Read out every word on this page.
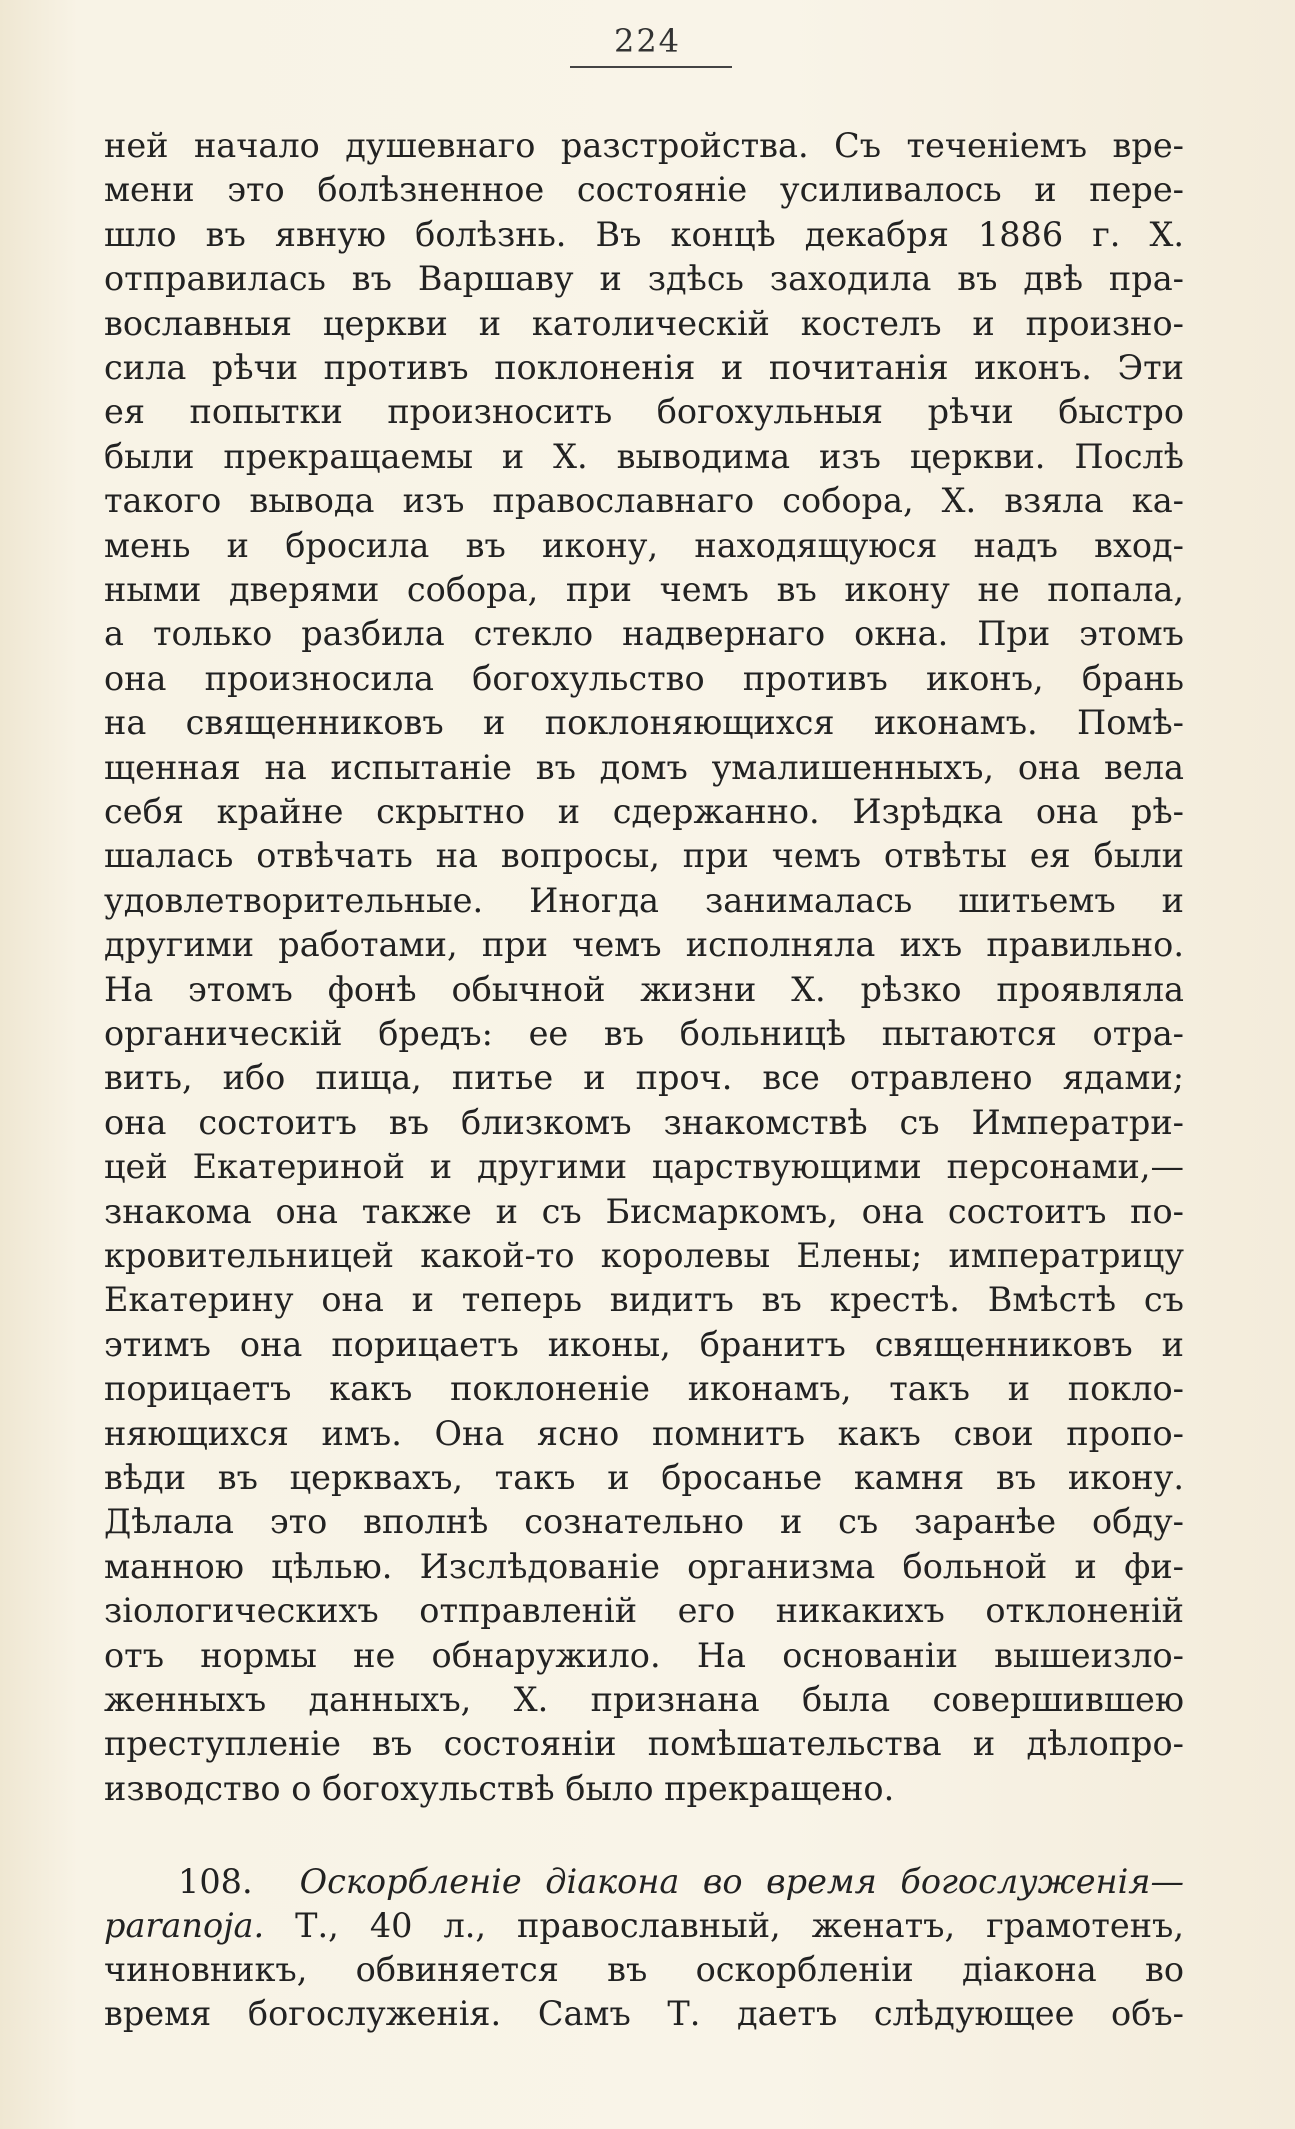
224
ней начало душевнаго разстройства. Съ теченіемъ вре-
мени это болѣзненное состояніе усиливалось и пере-
шло въ явную болѣзнь. Въ концѣ декабря 1886 г. X.
отправилась въ Варшаву и здѣсь заходила въ двѣ пра-
вославныя церкви и католическій костелъ и произно-
сила рѣчи противъ поклоненія и почитанія иконъ. Эти
ея попытки произносить богохульныя рѣчи быстро
были прекращаемы и X. выводима изъ церкви. Послѣ
такого вывода изъ православнаго собора, X. взяла ка-
мень и бросила въ икону, находящуюся надъ вход-
ными дверями собора, при чемъ въ икону не попала,
а только разбила стекло надвернаго окна. При этомъ
она произносила богохульство противъ иконъ, брань
на священниковъ и поклоняющихся иконамъ. Помѣ-
щенная на испытаніе въ домъ умалишенныхъ, она вела
себя крайне скрытно и сдержанно. Изрѣдка она рѣ-
шалась отвѣчать на вопросы, при чемъ отвѣты ея были
удовлетворительные. Иногда занималась шитьемъ и
другими работами, при чемъ исполняла ихъ правильно.
На этомъ фонѣ обычной жизни X. рѣзко проявляла
органическій бредъ: ее въ больницѣ пытаются отра-
вить, ибо пища, питье и проч. все отравлено ядами;
она состоитъ въ близкомъ знакомствѣ съ Императри-
цей Екатериной и другими царствующими персонами,—
знакома она также и съ Бисмаркомъ, она состоитъ по-
кровительницей какой-то королевы Елены; императрицу
Екатерину она и теперь видитъ въ крестѣ. Вмѣстѣ съ
этимъ она порицаетъ иконы, бранитъ священниковъ и
порицаетъ какъ поклоненіе иконамъ, такъ и покло-
няющихся имъ. Она ясно помнитъ какъ свои пропо-
вѣди въ церквахъ, такъ и бросанье камня въ икону.
Дѣлала это вполнѣ сознательно и съ заранѣе обду-
манною цѣлью. Изслѣдованіе организма больной и фи-
зіологическихъ отправленій его никакихъ отклоненій
отъ нормы не обнаружило. На основаніи вышеизло-
женныхъ данныхъ, X. признана была совершившею
преступленіе въ состояніи помѣшательства и дѣлопро-
изводство о богохульствѣ было прекращено.
108. Оскорбленіе діакона во время богослуженія—
paranoja. Т., 40 л., православный, женатъ, грамотенъ,
чиновникъ, обвиняется въ оскорбленіи діакона во
время богослуженія. Самъ Т. даетъ слѣдующее объ-
